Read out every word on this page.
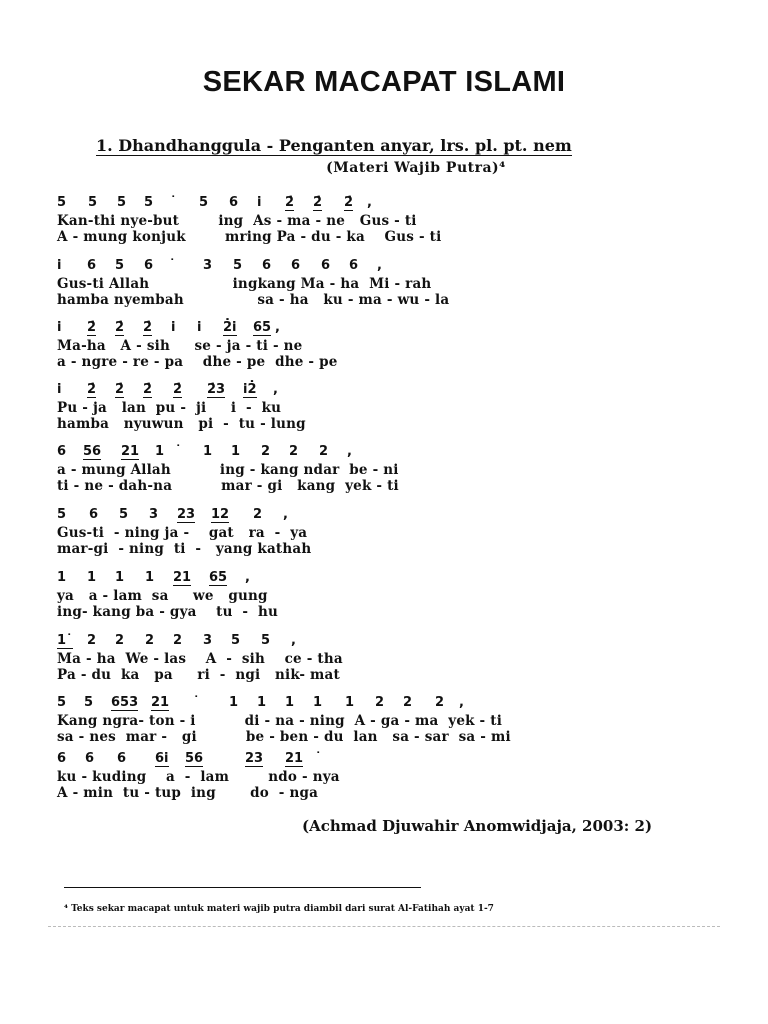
SEKAR MACAPAT ISLAMI
1. Dhandhanggula - Penganten anyar, lrs. pl. pt. nem
(Materi Wajib Putra)⁴
5 5 5 5 ˙ 5 6 i 2̇ 2̇ 2̇ ,
Kan-thi nye-but        ing  As - ma - ne   Gus - ti
A - mung konjuk        mring Pa - du - ka    Gus - ti
i 6 5 6 ˙ 3 5 6 6 6 6 ,
Gus-ti Allah                 ingkang Ma - ha  Mi - rah
hamba nyembah               sa - ha   ku - ma - wu - la
i 2̇ 2̇ 2̇ i i 2̇i 65 ,
Ma-ha   A - sih     se - ja - ti - ne
a - ngre - re - pa    dhe - pe  dhe - pe
i 2̇ 2̇ 2̇ 2̇ 2̇3 i2̇ ,
Pu - ja   lan  pu -  ji     i  -  ku
hamba   nyuwun   pi  -  tu - lung
6 56 21 1 ˙ 1 1 2 2 2 ,
a - mung Allah          ing - kang ndar  be - ni
ti - ne - dah-na          mar - gi   kang  yek - ti
5 6 5 3 23 12 2 ,
Gus-ti  - ning ja -    gat   ra  -  ya
mar-gi  - ning  ti  -   yang kathah
1 1 1 1 21 65 ,
ya   a - lam  sa     we   gung
ing- kang ba - gya    tu  -  hu
1˙ 2 2 2 2 3 5 5 ,
Ma - ha  We - las    A  -  sih    ce - tha
Pa - du  ka   pa     ri  -  ngi   nik- mat
5 5 653 21 ˙ 1 1 1 1 1 2 2 2 ,
Kang ngra- ton - i          di - na - ning  A - ga - ma  yek - ti
sa - nes  mar -   gi          be - ben - du  lan   sa - sar  sa - mi
6 6 6 6i 56	23 21 ˙
ku - kuding    a  -  lam        ndo - nya
A - min  tu - tup  ing       do  - nga
(Achmad Djuwahir Anomwidjaja, 2003: 2)
⁴ Teks sekar macapat untuk materi wajib putra diambil dari surat Al-Fatihah ayat 1-7
